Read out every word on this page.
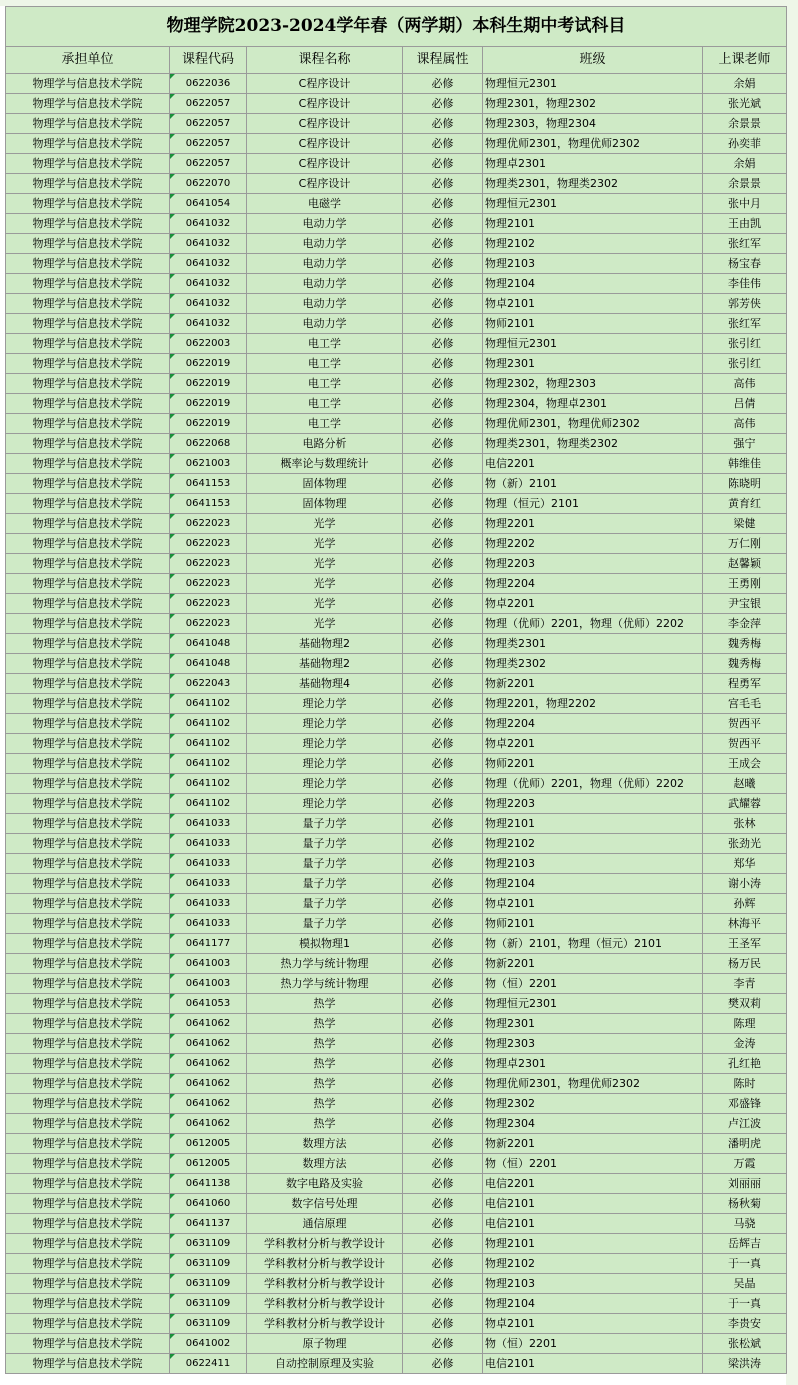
物理学院2023-2024学年春（两学期）本科生期中考试科目					
承担单位	课程代码	课程名称	课程属性	班级	上课老师
物理学与信息技术学院	0622036	C程序设计	必修	物理恒元2301	余娟
物理学与信息技术学院	0622057	C程序设计	必修	物理2301，物理2302	张光斌
物理学与信息技术学院	0622057	C程序设计	必修	物理2303，物理2304	余景景
物理学与信息技术学院	0622057	C程序设计	必修	物理优师2301，物理优师2302	孙奕菲
物理学与信息技术学院	0622057	C程序设计	必修	物理卓2301	余娟
物理学与信息技术学院	0622070	C程序设计	必修	物理类2301，物理类2302	余景景
物理学与信息技术学院	0641054	电磁学	必修	物理恒元2301	张中月
物理学与信息技术学院	0641032	电动力学	必修	物理2101	王由凯
物理学与信息技术学院	0641032	电动力学	必修	物理2102	张红军
物理学与信息技术学院	0641032	电动力学	必修	物理2103	杨宝春
物理学与信息技术学院	0641032	电动力学	必修	物理2104	李佳伟
物理学与信息技术学院	0641032	电动力学	必修	物卓2101	郭芳侠
物理学与信息技术学院	0641032	电动力学	必修	物师2101	张红军
物理学与信息技术学院	0622003	电工学	必修	物理恒元2301	张引红
物理学与信息技术学院	0622019	电工学	必修	物理2301	张引红
物理学与信息技术学院	0622019	电工学	必修	物理2302，物理2303	高伟
物理学与信息技术学院	0622019	电工学	必修	物理2304，物理卓2301	吕倩
物理学与信息技术学院	0622019	电工学	必修	物理优师2301，物理优师2302	高伟
物理学与信息技术学院	0622068	电路分析	必修	物理类2301，物理类2302	强宁
物理学与信息技术学院	0621003	概率论与数理统计	必修	电信2201	韩维佳
物理学与信息技术学院	0641153	固体物理	必修	物（新）2101	陈晓明
物理学与信息技术学院	0641153	固体物理	必修	物理（恒元）2101	黄育红
物理学与信息技术学院	0622023	光学	必修	物理2201	梁健
物理学与信息技术学院	0622023	光学	必修	物理2202	万仁刚
物理学与信息技术学院	0622023	光学	必修	物理2203	赵馨颖
物理学与信息技术学院	0622023	光学	必修	物理2204	王勇刚
物理学与信息技术学院	0622023	光学	必修	物卓2201	尹宝银
物理学与信息技术学院	0622023	光学	必修	物理（优师）2201，物理（优师）2202	李金萍
物理学与信息技术学院	0641048	基础物理2	必修	物理类2301	魏秀梅
物理学与信息技术学院	0641048	基础物理2	必修	物理类2302	魏秀梅
物理学与信息技术学院	0622043	基础物理4	必修	物新2201	程勇军
物理学与信息技术学院	0641102	理论力学	必修	物理2201，物理2202	宫毛毛
物理学与信息技术学院	0641102	理论力学	必修	物理2204	贺西平
物理学与信息技术学院	0641102	理论力学	必修	物卓2201	贺西平
物理学与信息技术学院	0641102	理论力学	必修	物师2201	王成会
物理学与信息技术学院	0641102	理论力学	必修	物理（优师）2201，物理（优师）2202	赵曦
物理学与信息技术学院	0641102	理论力学	必修	物理2203	武耀蓉
物理学与信息技术学院	0641033	量子力学	必修	物理2101	张林
物理学与信息技术学院	0641033	量子力学	必修	物理2102	张劲光
物理学与信息技术学院	0641033	量子力学	必修	物理2103	郑华
物理学与信息技术学院	0641033	量子力学	必修	物理2104	谢小涛
物理学与信息技术学院	0641033	量子力学	必修	物卓2101	孙辉
物理学与信息技术学院	0641033	量子力学	必修	物师2101	林海平
物理学与信息技术学院	0641177	模拟物理1	必修	物（新）2101，物理（恒元）2101	王圣军
物理学与信息技术学院	0641003	热力学与统计物理	必修	物新2201	杨万民
物理学与信息技术学院	0641003	热力学与统计物理	必修	物（恒）2201	李青
物理学与信息技术学院	0641053	热学	必修	物理恒元2301	樊双莉
物理学与信息技术学院	0641062	热学	必修	物理2301	陈理
物理学与信息技术学院	0641062	热学	必修	物理2303	金涛
物理学与信息技术学院	0641062	热学	必修	物理卓2301	孔红艳
物理学与信息技术学院	0641062	热学	必修	物理优师2301，物理优师2302	陈时
物理学与信息技术学院	0641062	热学	必修	物理2302	邓盛锋
物理学与信息技术学院	0641062	热学	必修	物理2304	卢江波
物理学与信息技术学院	0612005	数理方法	必修	物新2201	潘明虎
物理学与信息技术学院	0612005	数理方法	必修	物（恒）2201	万霞
物理学与信息技术学院	0641138	数字电路及实验	必修	电信2201	刘丽丽
物理学与信息技术学院	0641060	数字信号处理	必修	电信2101	杨秋菊
物理学与信息技术学院	0641137	通信原理	必修	电信2101	马骁
物理学与信息技术学院	0631109	学科教材分析与教学设计	必修	物理2101	岳辉吉
物理学与信息技术学院	0631109	学科教材分析与教学设计	必修	物理2102	于一真
物理学与信息技术学院	0631109	学科教材分析与教学设计	必修	物理2103	吴晶
物理学与信息技术学院	0631109	学科教材分析与教学设计	必修	物理2104	于一真
物理学与信息技术学院	0631109	学科教材分析与教学设计	必修	物卓2101	李贵安
物理学与信息技术学院	0641002	原子物理	必修	物（恒）2201	张松斌
物理学与信息技术学院	0622411	自动控制原理及实验	必修	电信2101	梁洪涛
